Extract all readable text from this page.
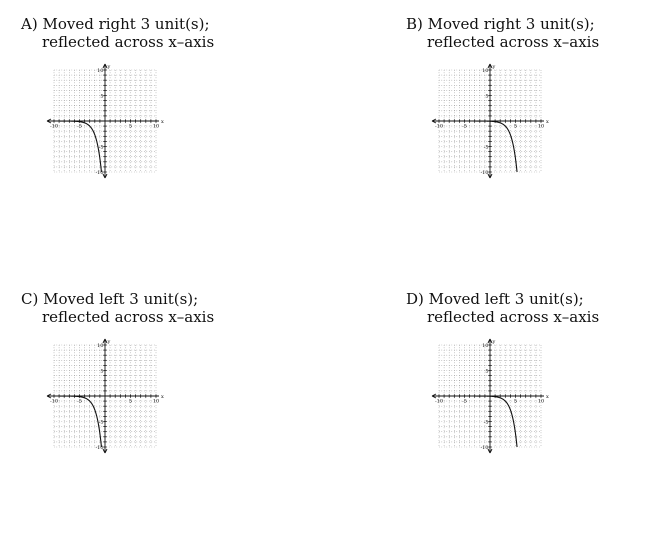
A) Moved right 3 unit(s);
reflected across x–axis
-10	-5	5	10
10
5
-5
-10
x
y
B) Moved right 3 unit(s);
reflected across x–axis
-10	-5	5	10
10
5
-5
-10
x
y
C) Moved left 3 unit(s);
reflected across x–axis
-10	-5	5	10
10
5
-5
-10
x
y
D) Moved left 3 unit(s);
reflected across x–axis
-10	-5	5	10
10
5
-5
-10
x
y
